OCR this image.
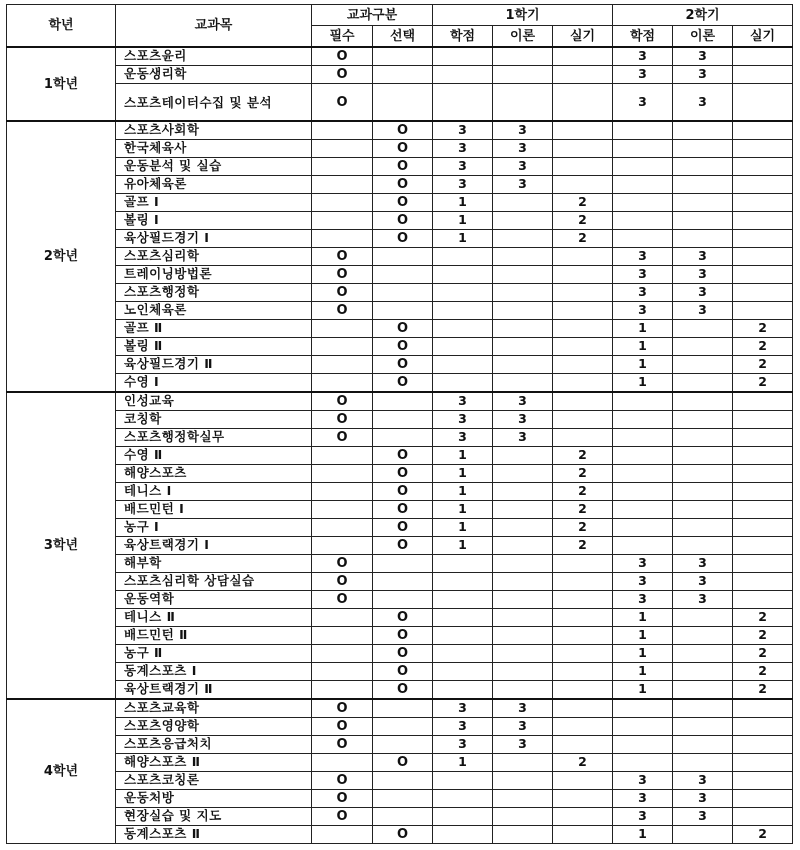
학년	교과목	교과구분		1학기			2학기		
		필수	선택	학점	이론	실기	학점	이론	실기
1학년	스포츠윤리	O					3	3	
	운동생리학	O					3	3	
	스포츠테이터수집 및 분석	O					3	3	
2학년	스포츠사회학		O	3	3				
	한국체육사		O	3	3				
	운동분석 및 실습		O	3	3				
	유아체육론		O	3	3				
	골프 Ⅰ		O	1		2			
	볼링 Ⅰ		O	1		2			
	육상필드경기 Ⅰ		O	1		2			
	스포츠심리학	O					3	3	
	트레이닝방법론	O					3	3	
	스포츠행정학	O					3	3	
	노인체육론	O					3	3	
	골프 Ⅱ		O				1		2
	볼링 Ⅱ		O				1		2
	육상필드경기 Ⅱ		O				1		2
	수영 Ⅰ		O				1		2
3학년	인성교육	O		3	3				
	코칭학	O		3	3				
	스포츠행정학실무	O		3	3				
	수영 Ⅱ		O	1		2			
	해양스포츠		O	1		2			
	테니스 Ⅰ		O	1		2			
	배드민턴 Ⅰ		O	1		2			
	농구 Ⅰ		O	1		2			
	육상트랙경기 Ⅰ		O	1		2			
	해부학	O					3	3	
	스포츠심리학 상담실습	O					3	3	
	운동역학	O					3	3	
	테니스 Ⅱ		O				1		2
	배드민턴 Ⅱ		O				1		2
	농구 Ⅱ		O				1		2
	동계스포츠 Ⅰ		O				1		2
	육상트랙경기 Ⅱ		O				1		2
4학년	스포츠교육학	O		3	3				
	스포츠영양학	O		3	3				
	스포츠응급처치	O		3	3				
	해양스포츠 Ⅱ		O	1		2			
	스포츠코칭론	O					3	3	
	운동처방	O					3	3	
	현장실습 및 지도	O					3	3	
	동계스포츠 Ⅱ		O				1		2
